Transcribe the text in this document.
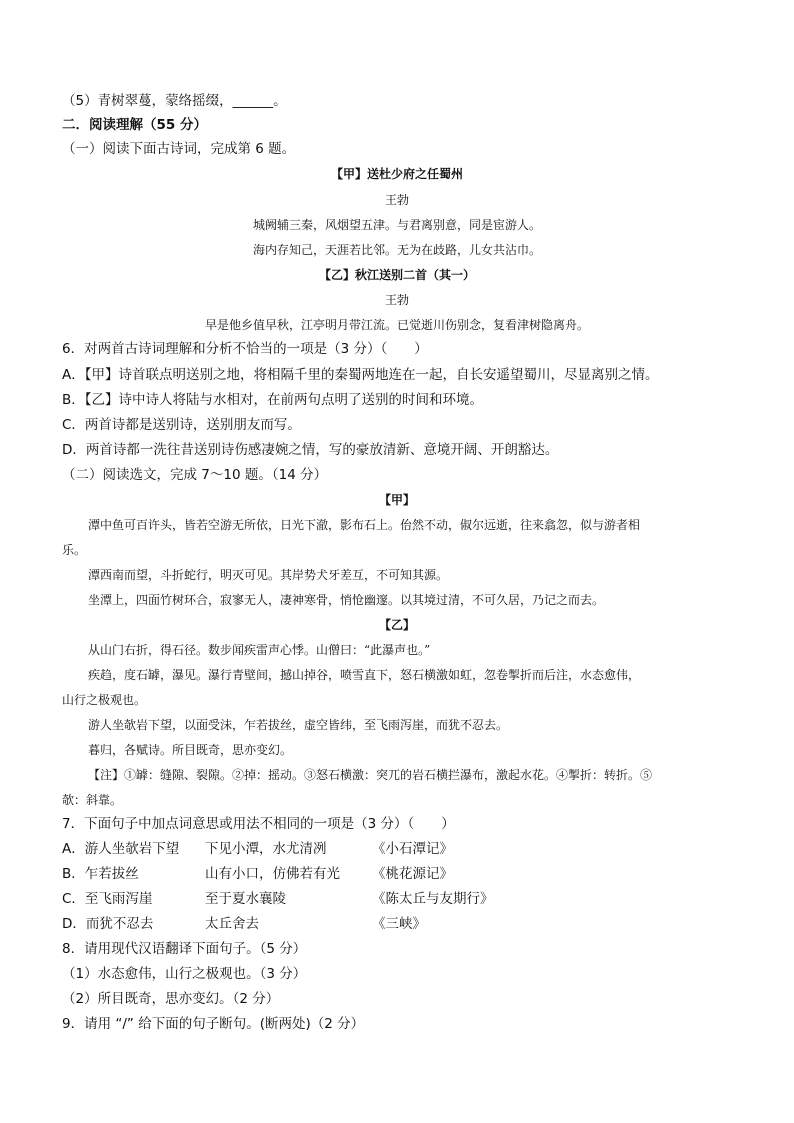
（5）青树翠蔓，蒙络摇缀，______。
二．阅读理解（55 分）
（一）阅读下面古诗词，完成第 6 题。
【甲】送杜少府之任蜀州
王勃
城阙辅三秦，风烟望五津。与君离别意，同是宦游人。
海内存知己，天涯若比邻。无为在歧路，儿女共沾巾。
【乙】秋江送别二首（其一）
王勃
早是他乡值早秋，江亭明月带江流。已觉逝川伤别念，复看津树隐离舟。
6．对两首古诗词理解和分析不恰当的一项是（3 分）（　　）
A．【甲】诗首联点明送别之地，将相隔千里的秦蜀两地连在一起，自长安遥望蜀川，尽显离别之情。
B．【乙】诗中诗人将陆与水相对，在前两句点明了送别的时间和环境。
C．两首诗都是送别诗，送别朋友而写。
D．两首诗都一洗往昔送别诗伤感凄婉之情，写的豪放清新、意境开阔、开朗豁达。
（二）阅读选文，完成 7～10 题。（14 分）
【甲】
潭中鱼可百许头，皆若空游无所依，日光下澈，影布石上。佁然不动，俶尔远逝，往来翕忽，似与游者相
乐。
潭西南而望，斗折蛇行，明灭可见。其岸势犬牙差互，不可知其源。
坐潭上，四面竹树环合，寂寥无人，凄神寒骨，悄怆幽邃。以其境过清，不可久居，乃记之而去。
【乙】
从山门右折，得石径。数步闻疾雷声心悸。山僧曰：“此瀑声也。”
疾趋，度石罅，瀑见。瀑行青壁间，撼山掉谷，喷雪直下，怒石横激如虹，忽卷掣折而后注，水态愈伟，
山行之极观也。
游人坐欹岩下望，以面受沫，乍若拔丝，虚空皆纬，至飞雨泻崖，而犹不忍去。
暮归，各赋诗。所目既奇，思亦变幻。
【注】①罅：缝隙、裂隙。②掉：摇动。③怒石横激：突兀的岩石横拦瀑布，激起水花。④掣折：转折。⑤
欹：斜靠。
7．下面句子中加点词意思或用法不相同的一项是（3 分）（　　）
A．游人坐欹岩下望 下见小潭，水尤清冽	《小石潭记》
B．乍若拔丝	山有小口，仿佛若有光 《桃花源记》
C．至飞雨泻崖	至于夏水襄陵	《陈太丘与友期行》
D．而犹不忍去	太丘舍去	《三峡》
8．请用现代汉语翻译下面句子。（5 分）
（1）水态愈伟，山行之极观也。（3 分）
（2）所目既奇，思亦变幻。（2 分）
9．请用 “/” 给下面的句子断句。(断两处)（2 分）
